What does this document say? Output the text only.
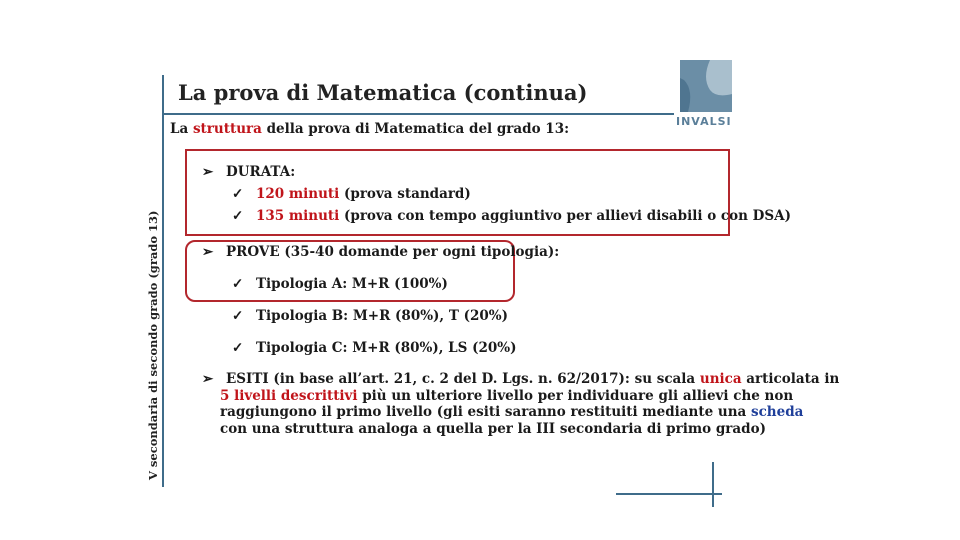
INVALSI
La prova di Matematica (continua)
La struttura della prova di Matematica del grado 13:
V secondaria di secondo grado (grado 13)
➢ DURATA:
✓ 120 minuti (prova standard)
✓ 135 minuti (prova con tempo aggiuntivo per allievi disabili o con DSA)
➢ PROVE (35-40 domande per ogni tipologia):
✓ Tipologia A: M+R (100%)
✓ Tipologia B: M+R (80%), T (20%)
✓ Tipologia C: M+R (80%), LS (20%)
➢ ESITI (in base all’art. 21, c. 2 del D. Lgs. n. 62/2017): su scala unica articolata in
5 livelli descrittivi più un ulteriore livello per individuare gli allievi che non
raggiungono il primo livello (gli esiti saranno restituiti mediante una scheda
con una struttura analoga a quella per la III secondaria di primo grado)
